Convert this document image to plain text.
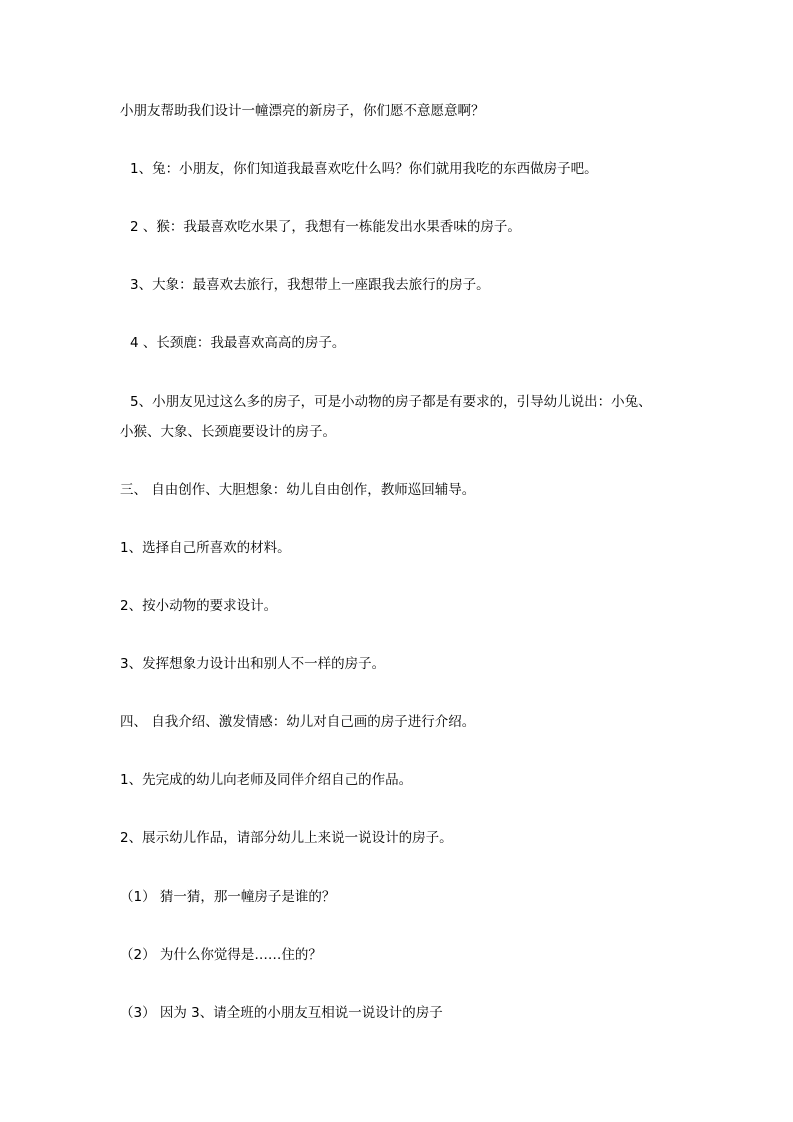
小朋友帮助我们设计一幢漂亮的新房子，你们愿不意愿意啊？
1、兔：小朋友，你们知道我最喜欢吃什么吗？你们就用我吃的东西做房子吧。
2 、猴：我最喜欢吃水果了，我想有一栋能发出水果香味的房子。
3、大象：最喜欢去旅行，我想带上一座跟我去旅行的房子。
4 、长颈鹿：我最喜欢高高的房子。
5、小朋友见过这么多的房子，可是小动物的房子都是有要求的，引导幼儿说出：小兔、
小猴、大象、长颈鹿要设计的房子。
三、 自由创作、大胆想象：幼儿自由创作，教师巡回辅导。
1、选择自己所喜欢的材料。
2、按小动物的要求设计。
3、发挥想象力设计出和别人不一样的房子。
四、 自我介绍、激发情感：幼儿对自己画的房子进行介绍。
1、先完成的幼儿向老师及同伴介绍自己的作品。
2、展示幼儿作品，请部分幼儿上来说一说设计的房子。
（1） 猜一猜，那一幢房子是谁的？
（2） 为什么你觉得是……住的？
（3） 因为 3、请全班的小朋友互相说一说设计的房子
